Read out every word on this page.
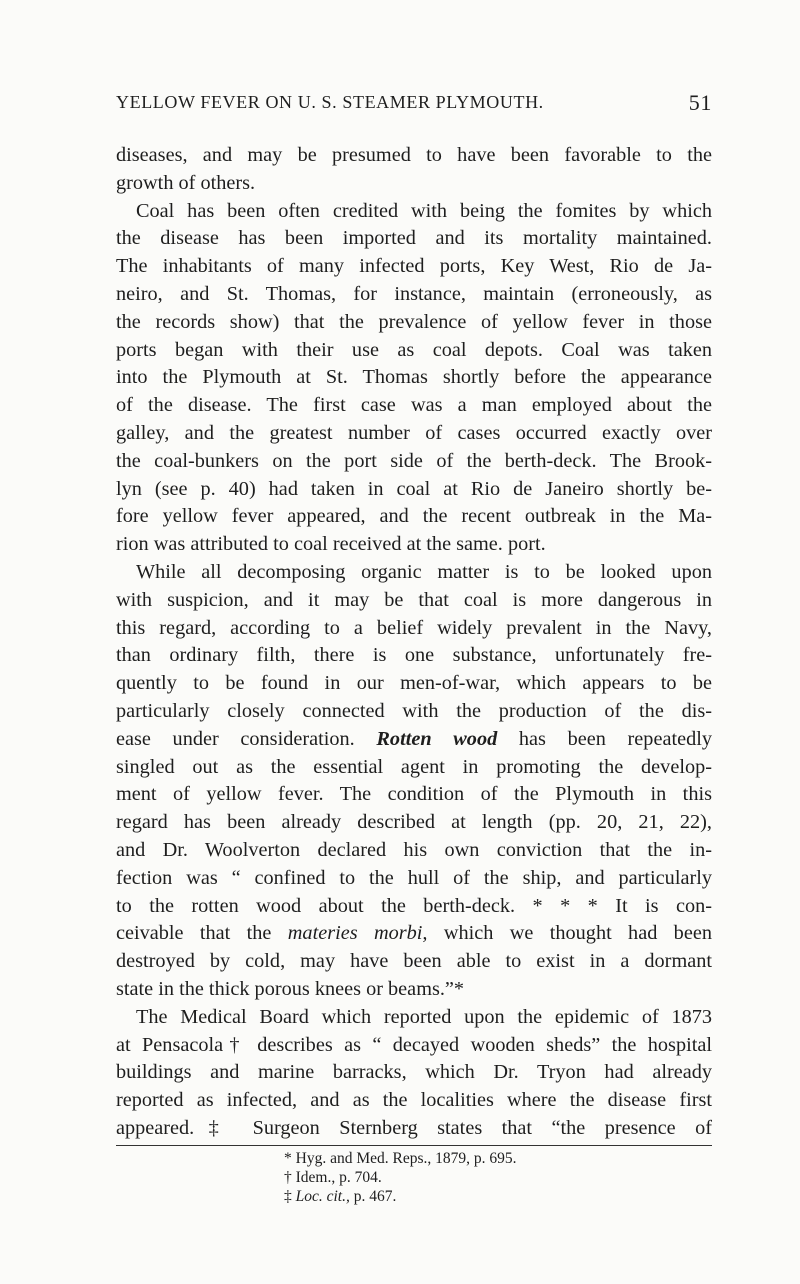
YELLOW FEVER ON U. S. STEAMER PLYMOUTH.	51
diseases, and may be presumed to have been favorable to the
growth of others.
Coal has been often credited with being the fomites by which
the disease has been imported and its mortality maintained.
The inhabitants of many infected ports, Key West, Rio de Ja-
neiro, and St. Thomas, for instance, maintain (erroneously, as
the records show) that the prevalence of yellow fever in those
ports began with their use as coal depots. Coal was taken
into the Plymouth at St. Thomas shortly before the appearance
of the disease. The first case was a man employed about the
galley, and the greatest number of cases occurred exactly over
the coal-bunkers on the port side of the berth-deck. The Brook-
lyn (see p. 40) had taken in coal at Rio de Janeiro shortly be-
fore yellow fever appeared, and the recent outbreak in the Ma-
rion was attributed to coal received at the same. port.
While all decomposing organic matter is to be looked upon
with suspicion, and it may be that coal is more dangerous in
this regard, according to a belief widely prevalent in the Navy,
than ordinary filth, there is one substance, unfortunately fre-
quently to be found in our men-of-war, which appears to be
particularly closely connected with the production of the dis-
ease under consideration. Rotten wood has been repeatedly
singled out as the essential agent in promoting the develop-
ment of yellow fever. The condition of the Plymouth in this
regard has been already described at length (pp. 20, 21, 22),
and Dr. Woolverton declared his own conviction that the in-
fection was “ confined to the hull of the ship, and particularly
to the rotten wood about the berth-deck. * * * It is con-
ceivable that the materies morbi, which we thought had been
destroyed by cold, may have been able to exist in a dormant
state in the thick porous knees or beams.”*
The Medical Board which reported upon the epidemic of 1873
at Pensacola† describes as “ decayed wooden sheds” the hospital
buildings and marine barracks, which Dr. Tryon had already
reported as infected, and as the localities where the disease first
appeared.‡ Surgeon Sternberg states that “the presence of
* Hyg. and Med. Reps., 1879, p. 695.
† Idem., p. 704.
‡ Loc. cit., p. 467.
